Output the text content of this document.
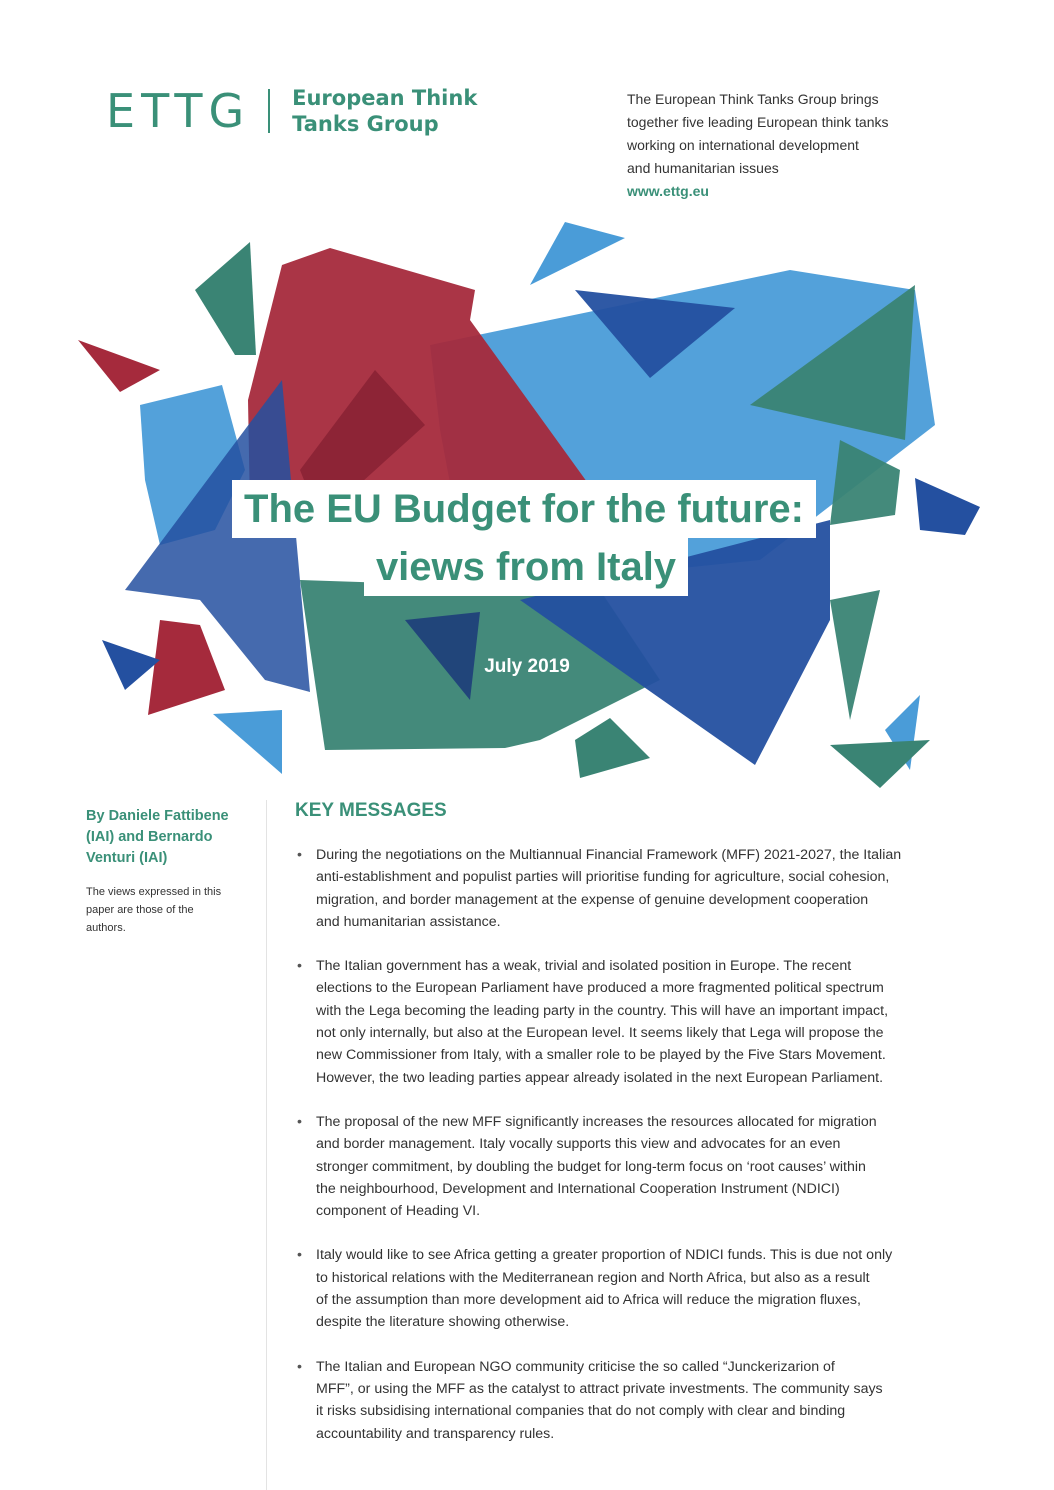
ETTG European Think
Tanks Group
The European Think Tanks Group brings
together five leading European think tanks
working on international development
and humanitarian issues
www.ettg.eu
The EU Budget for the future:
views from Italy
July 2019
By Daniele Fattibene
(IAI) and Bernardo
Venturi (IAI)
The views expressed in this
paper are those of the
authors.
KEY MESSAGES
• During the negotiations on the Multiannual Financial Framework (MFF) 2021-2027, the Italian
anti-establishment and populist parties will prioritise funding for agriculture, social cohesion,
migration, and border management at the expense of genuine development cooperation
and humanitarian assistance.
• The Italian government has a weak, trivial and isolated position in Europe. The recent
elections to the European Parliament have produced a more fragmented political spectrum
with the Lega becoming the leading party in the country. This will have an important impact,
not only internally, but also at the European level. It seems likely that Lega will propose the
new Commissioner from Italy, with a smaller role to be played by the Five Stars Movement.
However, the two leading parties appear already isolated in the next European Parliament.
• The proposal of the new MFF significantly increases the resources allocated for migration
and border management. Italy vocally supports this view and advocates for an even
stronger commitment, by doubling the budget for long-term focus on ‘root causes’ within
the neighbourhood, Development and International Cooperation Instrument (NDICI)
component of Heading VI.
• Italy would like to see Africa getting a greater proportion of NDICI funds. This is due not only
to historical relations with the Mediterranean region and North Africa, but also as a result
of the assumption than more development aid to Africa will reduce the migration fluxes,
despite the literature showing otherwise.
• The Italian and European NGO community criticise the so called “Junckerizarion of
MFF”, or using the MFF as the catalyst to attract private investments. The community says
it risks subsidising international companies that do not comply with clear and binding
accountability and transparency rules.
